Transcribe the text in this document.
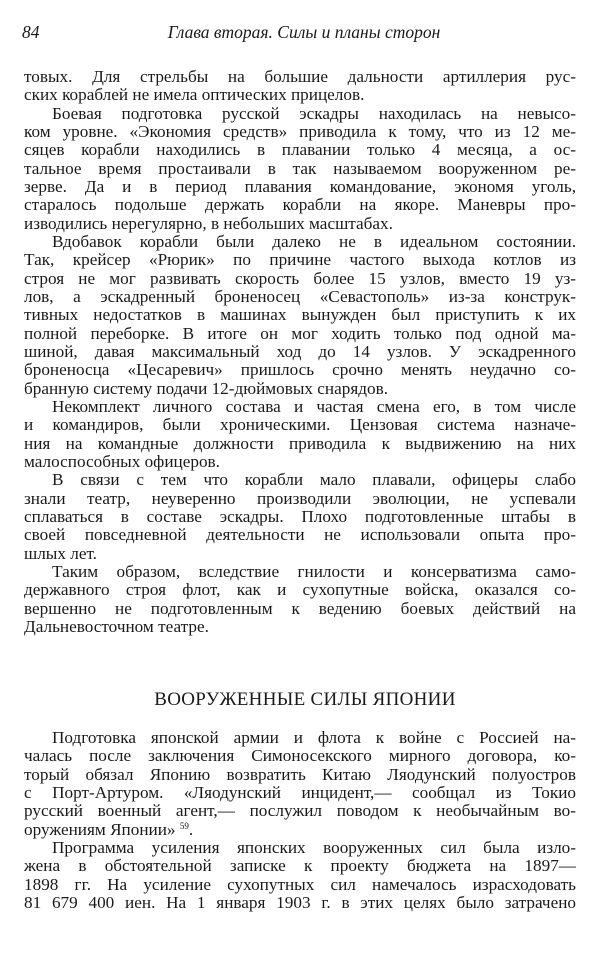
84	Глава вторая. Силы и планы сторон
товых. Для стрельбы на большие дальности артиллерия рус-
ских кораблей не имела оптических прицелов.
Боевая подготовка русской эскадры находилась на невысо-
ком уровне. «Экономия средств» приводила к тому, что из 12 ме-
сяцев корабли находились в плавании только 4 месяца, а ос-
тальное время простаивали в так называемом вооруженном ре-
зерве. Да и в период плавания командование, экономя уголь,
старалось подольше держать корабли на якоре. Маневры про-
изводились нерегулярно, в небольших масштабах.
Вдобавок корабли были далеко не в идеальном состоянии.
Так, крейсер «Рюрик» по причине частого выхода котлов из
строя не мог развивать скорость более 15 узлов, вместо 19 уз-
лов, а эскадренный броненосец «Севастополь» из-за конструк-
тивных недостатков в машинах вынужден был приступить к их
полной переборке. В итоге он мог ходить только под одной ма-
шиной, давая максимальный ход до 14 узлов. У эскадренного
броненосца «Цесаревич» пришлось срочно менять неудачно со-
бранную систему подачи 12-дюймовых снарядов.
Некомплект личного состава и частая смена его, в том числе
и командиров, были хроническими. Цензовая система назначе-
ния на командные должности приводила к выдвижению на них
малоспособных офицеров.
В связи с тем что корабли мало плавали, офицеры слабо
знали театр, неуверенно производили эволюции, не успевали
сплаваться в составе эскадры. Плохо подготовленные штабы в
своей повседневной деятельности не использовали опыта про-
шлых лет.
Таким образом, вследствие гнилости и консерватизма само-
державного строя флот, как и сухопутные войска, оказался со-
вершенно не подготовленным к ведению боевых действий на
Дальневосточном театре.
ВООРУЖЕННЫЕ СИЛЫ ЯПОНИИ
Подготовка японской армии и флота к войне с Россией на-
чалась после заключения Симоносекского мирного договора, ко-
торый обязал Японию возвратить Китаю Ляодунский полуостров
с Порт-Артуром. «Ляодунский инцидент,— сообщал из Токио
русский военный агент,— послужил поводом к необычайным во-
оружениям Японии» $^{59}$.
Программа усиления японских вооруженных сил была изло-
жена в обстоятельной записке к проекту бюджета на 1897—
1898 гг. На усиление сухопутных сил намечалось израсходовать
81 679 400 иен. На 1 января 1903 г. в этих целях было затрачено
